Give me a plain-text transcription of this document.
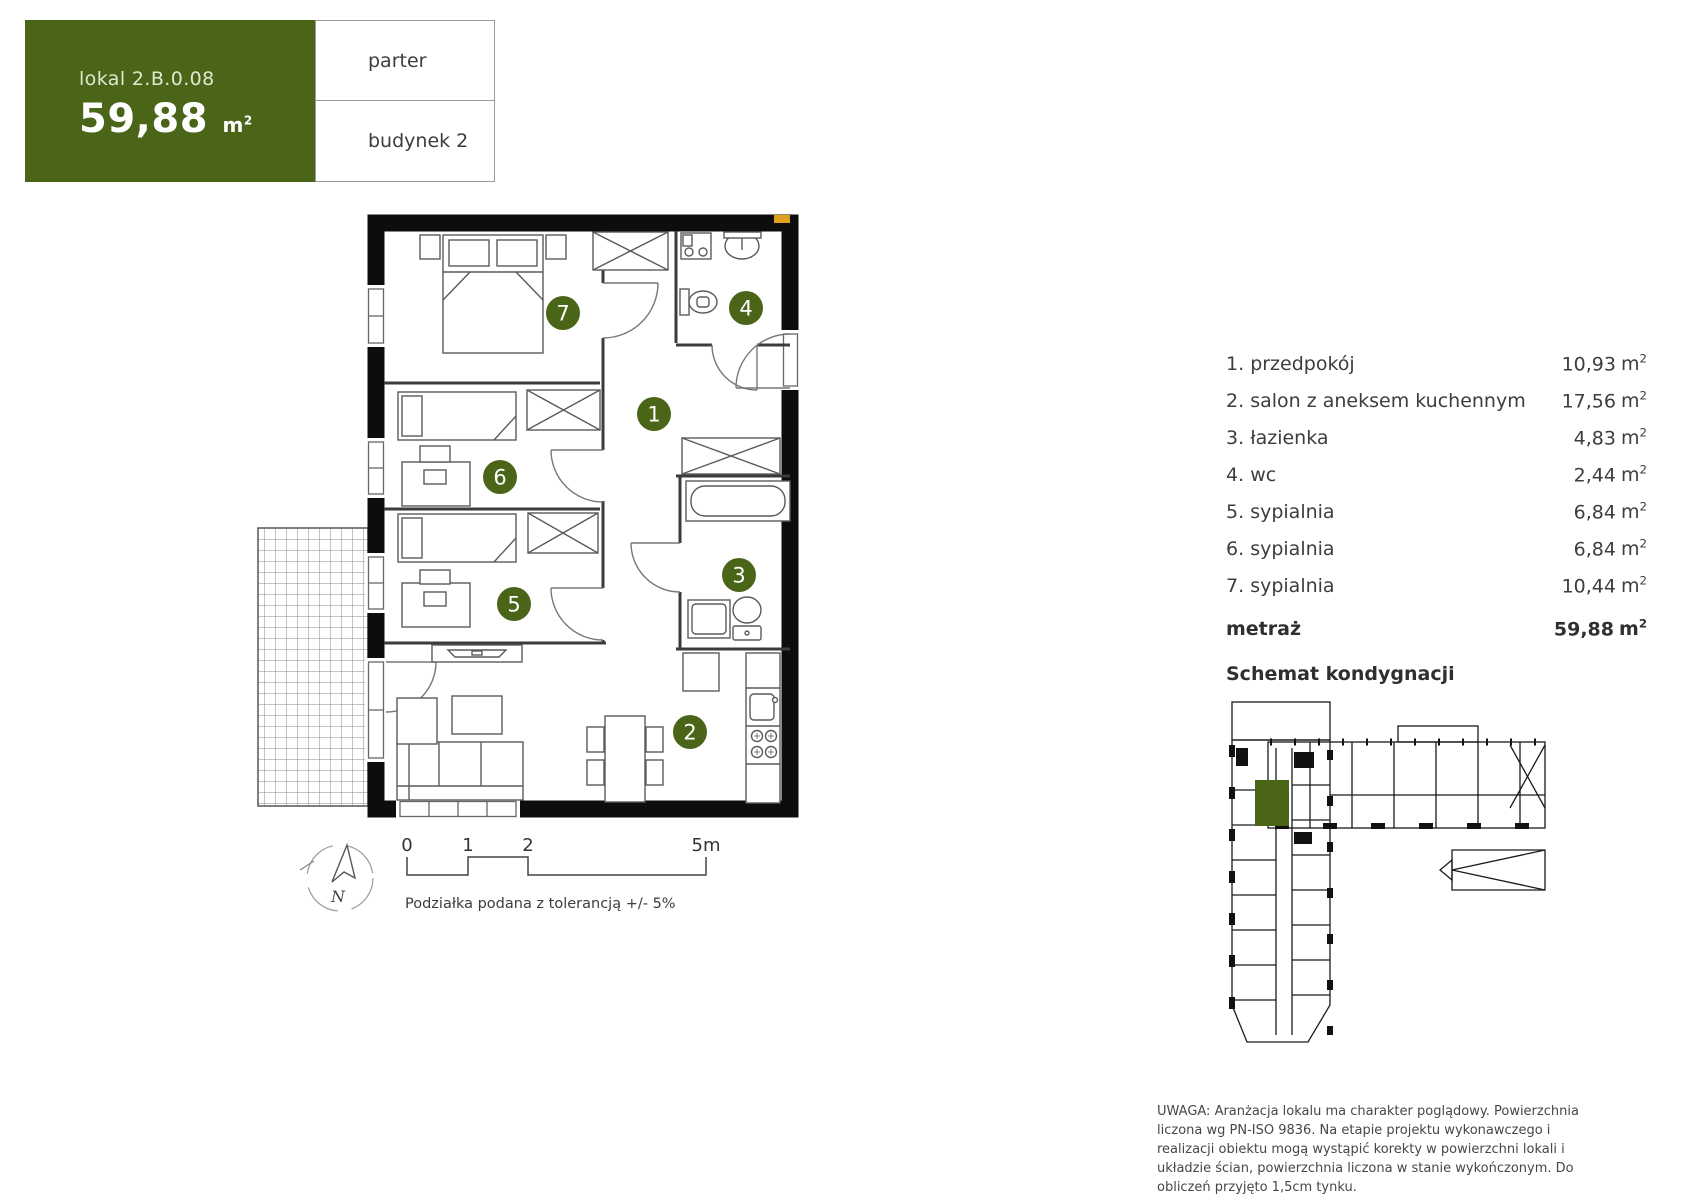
lokal 2.B.0.08
59,88 $m^2$
parter
budynek 2
1
2
3
4
5
6
7
0	1	2	5m
Podziałka podana z tolerancją +/- 5%
N
1. przedpokój	10,93 $m^2$
2. salon z aneksem kuchennym 17,56 $m^2$
3. łazienka	4,83 $m^2$
4. wc	2,44 $m^2$
5. sypialnia	6,84 $m^2$
6. sypialnia	6,84 $m^2$
7. sypialnia	10,44 $m^2$
metraż	59,88 $m^2$
Schemat kondygnacji
UWAGA: Aranżacja lokalu ma charakter poglądowy. Powierzchnia liczona wg PN-ISO 9836. Na etapie projektu wykonawczego i realizacji obiektu mogą wystąpić korekty w powierzchni lokali i układzie ścian, powierzchnia liczona w stanie wykończonym. Do obliczeń przyjęto 1,5cm tynku.
